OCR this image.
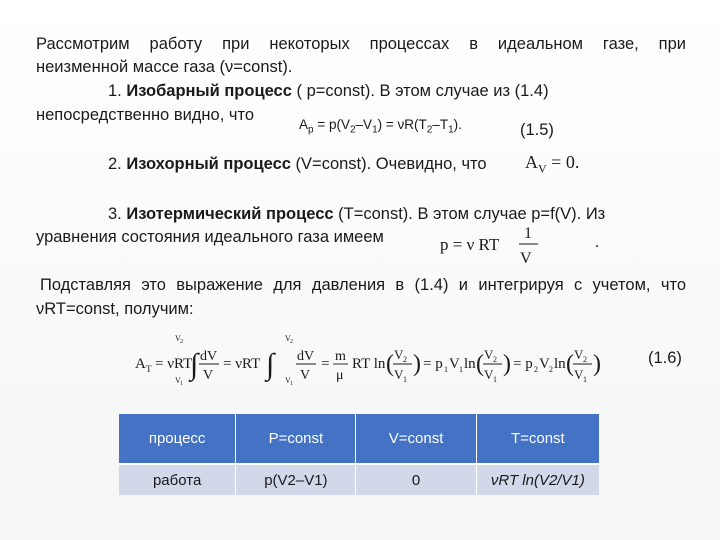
Рассмотрим работу при некоторых процессах в идеальном газе, при
неизменной массе газа (ν=const).
1. Изобарный процесс ( p=const). В этом случае из (1.4)
непосредственно видно, что
$A_p = p(V_2-V_1) = \nu R(T_2-T_1)$.	(1.5)
2. Изохорный процесс (V=const). Очевидно, что $A_V = 0$.
3. Изотермический процесс (T=const). В этом случае p=f(V). Из
уравнения состояния идеального газа имеем	p = ν RT
1
V
.
Подставляя это выражение для давления в (1.4) и интегрируя с учетом, что
νRT=const, получим:
A T = νRT
∫
V 2
V 1
dV
V
= νRT ∫
V 2
V 1
dV
V
= m
μ
RT ln ( V 2
V 1
) = p 1 V 1 ln ( V 2
V 1
) = p 2 V 2 ln ( V 2
V 1
)	(1.6)
процесс	P=const	V=const	T=const
работа	p(V2–V1)	0	νRT ln(V2/V1)
